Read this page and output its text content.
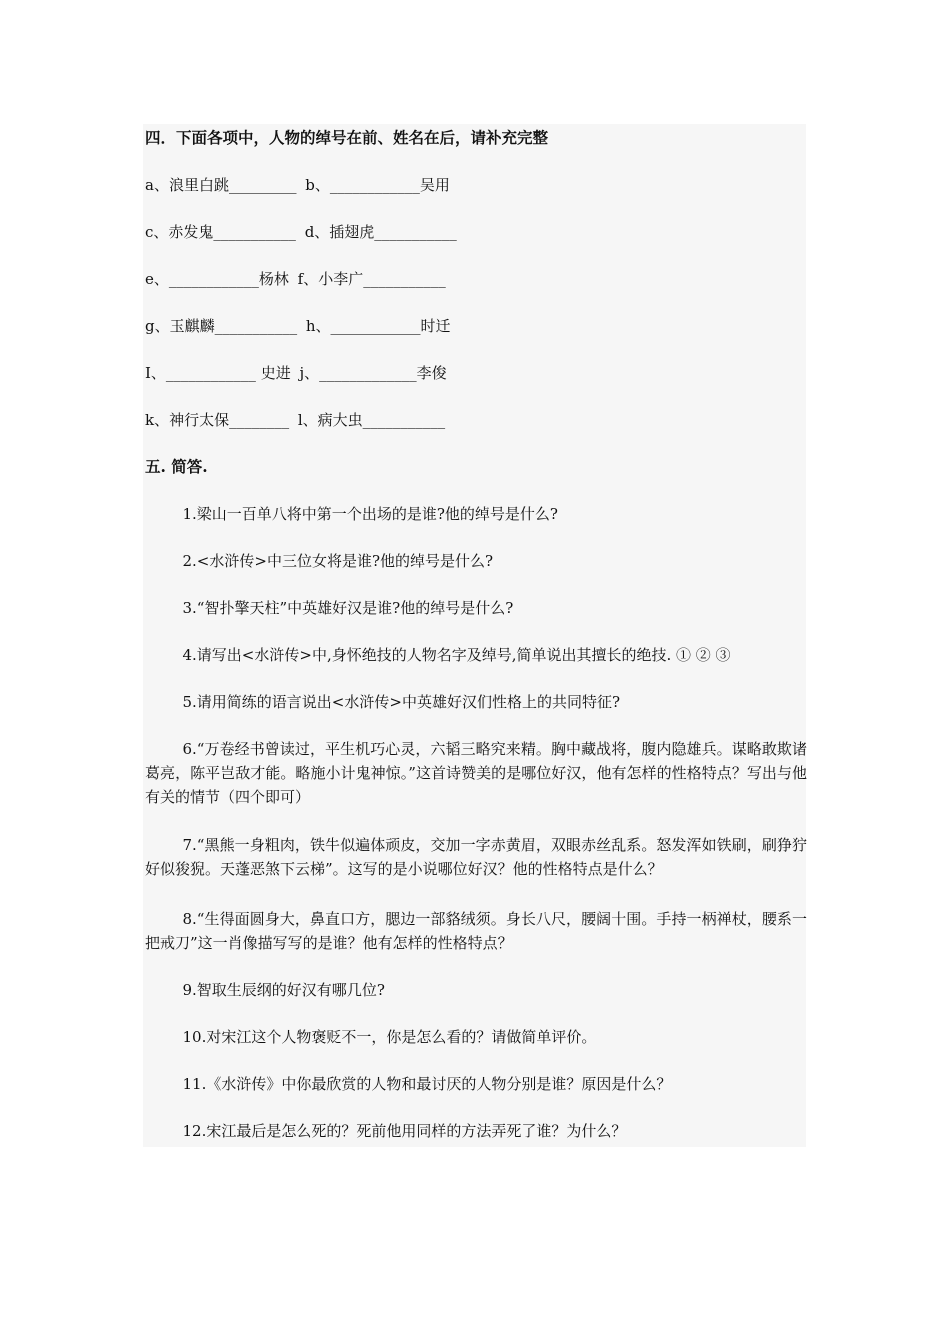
四．下面各项中，人物的绰号在前、姓名在后，请补充完整
a、浪里白跳_________ b、____________吴用
c、赤发鬼___________ d、插翅虎___________
e、____________杨林 f、小李广___________
g、玉麒麟___________ h、____________时迁
I、____________ 史进 j、_____________李俊
k、神行太保________ l、病大虫___________
五. 简答.

1.梁山一百单八将中第一个出场的是谁?他的绰号是什么?

2.<水浒传>中三位女将是谁?他的绰号是什么?

3.“智扑擎天柱”中英雄好汉是谁?他的绰号是什么?

4.请写出<水浒传>中,身怀绝技的人物名字及绰号,简单说出其擅长的绝技. ① ② ③

5.请用简练的语言说出<水浒传>中英雄好汉们性格上的共同特征?

6.“万卷经书曾读过，平生机巧心灵，六韬三略究来精。胸中藏战将，腹内隐雄兵。谋略敢欺诸葛亮，陈平岂敌才能。略施小计鬼神惊。”这首诗赞美的是哪位好汉，他有怎样的性格特点？写出与他有关的情节（四个即可）

7.“黑熊一身粗肉，铁牛似遍体顽皮，交加一字赤黄眉，双眼赤丝乱系。怒发浑如铁刷，刷狰狞好似狻猊。天蓬恶煞下云梯”。这写的是小说哪位好汉？他的性格特点是什么？

8.“生得面圆身大，鼻直口方，腮边一部貉绒须。身长八尺，腰阔十围。手持一柄禅杖，腰系一把戒刀”这一肖像描写写的是谁？他有怎样的性格特点？

9.智取生辰纲的好汉有哪几位?

10.对宋江这个人物褒贬不一，你是怎么看的？请做简单评价。

11.《水浒传》中你最欣赏的人物和最讨厌的人物分别是谁？原因是什么？

12.宋江最后是怎么死的？死前他用同样的方法弄死了谁？为什么？
